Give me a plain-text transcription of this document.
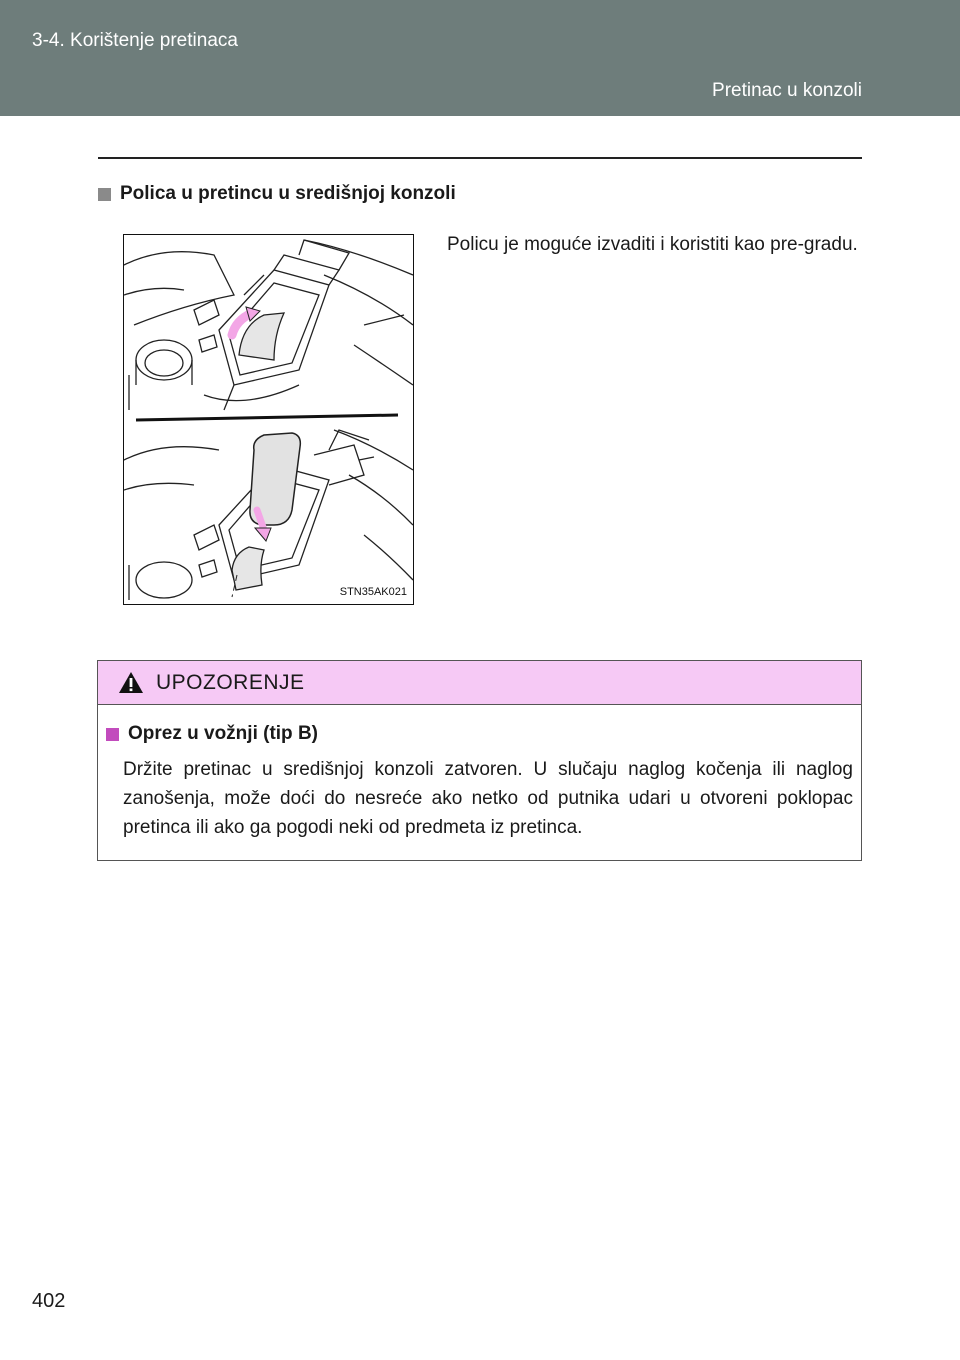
3-4. Korištenje pretinaca
Pretinac u konzoli
Polica u pretincu u središnjoj konzoli
STN35AK021
Policu je moguće izvaditi i koristiti kao pre-gradu.
UPOZORENJE
Oprez u vožnji (tip B)
Držite pretinac u središnjoj konzoli zatvoren. U slučaju naglog kočenja ili naglog zanošenja, može doći do nesreće ako netko od putnika udari u otvoreni poklopac pretinca ili ako ga pogodi neki od predmeta iz pretinca.
402
